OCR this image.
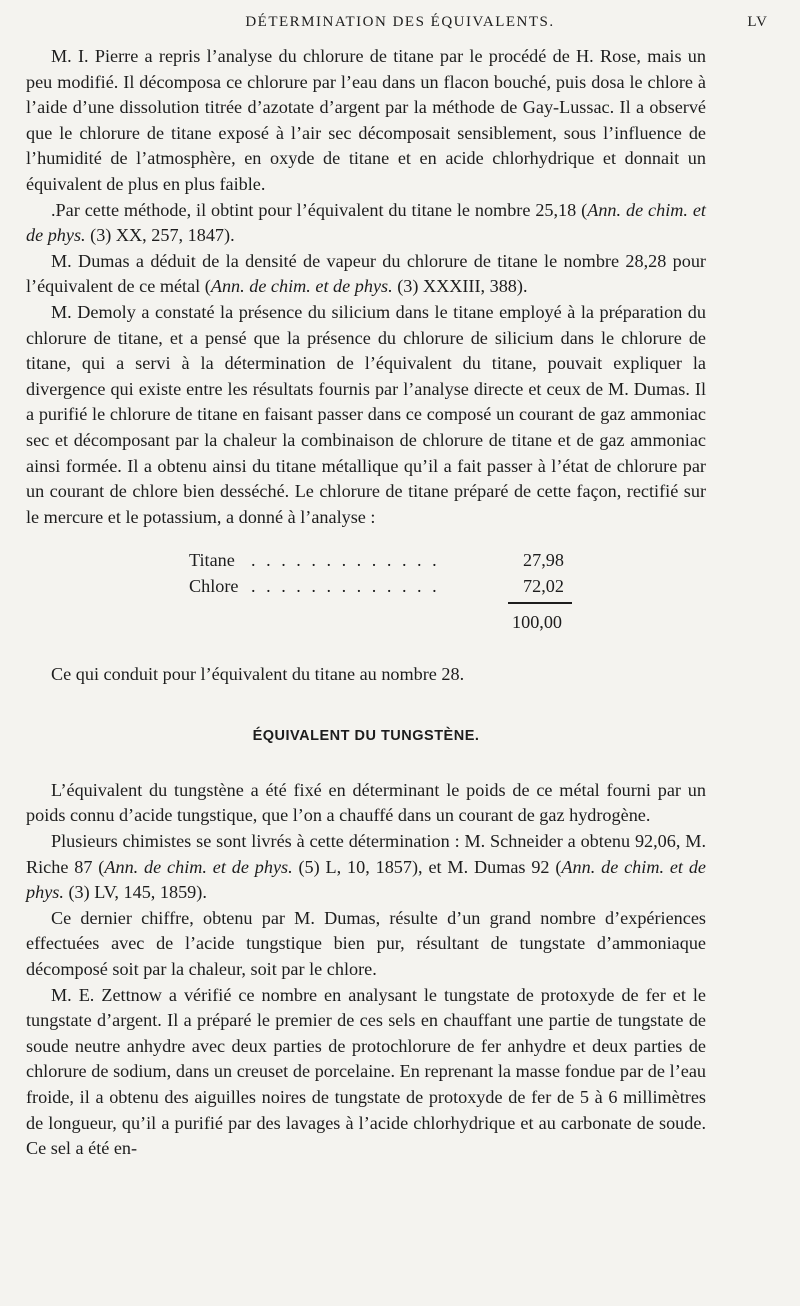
DÉTERMINATION DES ÉQUIVALENTS.	LV

M. I. Pierre a repris l’analyse du chlorure de titane par le procédé de H. Rose, mais un peu modifié. Il décomposa ce chlorure par l’eau dans un flacon bouché, puis dosa le chlore à l’aide d’une dissolution titrée d’azotate d’argent par la méthode de Gay-Lussac. Il a observé que le chlorure de titane exposé à l’air sec décomposait sensiblement, sous l’influence de l’humidité de l’atmosphère, en oxyde de titane et en acide chlorhydrique et donnait un équivalent de plus en plus faible.

.Par cette méthode, il obtint pour l’équivalent du titane le nombre 25,18 (Ann. de chim. et de phys. (3) XX, 257, 1847).

M. Dumas a déduit de la densité de vapeur du chlorure de titane le nombre 28,28 pour l’équivalent de ce métal (Ann. de chim. et de phys. (3) XXXIII, 388).

M. Demoly a constaté la présence du silicium dans le titane employé à la préparation du chlorure de titane, et a pensé que la présence du chlorure de silicium dans le chlorure de titane, qui a servi à la détermination de l’équivalent du titane, pouvait expliquer la divergence qui existe entre les résultats fournis par l’analyse directe et ceux de M. Dumas. Il a purifié le chlorure de titane en faisant passer dans ce composé un courant de gaz ammoniac sec et décomposant par la chaleur la combinaison de chlorure de titane et de gaz ammoniac ainsi formée. Il a obtenu ainsi du titane métallique qu’il a fait passer à l’état de chlorure par un courant de chlore bien desséché. Le chlorure de titane préparé de cette façon, rectifié sur le mercure et le potassium, a donné à l’analyse :

Titane . . . . . . . . . . . . .	27,98
Chlore . . . . . . . . . . . . .	72,02
100,00

Ce qui conduit pour l’équivalent du titane au nombre 28.

ÉQUIVALENT DU TUNGSTÈNE.

L’équivalent du tungstène a été fixé en déterminant le poids de ce métal fourni par un poids connu d’acide tungstique, que l’on a chauffé dans un courant de gaz hydrogène.

Plusieurs chimistes se sont livrés à cette détermination : M. Schneider a obtenu 92,06, M. Riche 87 (Ann. de chim. et de phys. (5) L, 10, 1857), et M. Dumas 92 (Ann. de chim. et de phys. (3) LV, 145, 1859).

Ce dernier chiffre, obtenu par M. Dumas, résulte d’un grand nombre d’expériences effectuées avec de l’acide tungstique bien pur, résultant de tungstate d’ammoniaque décomposé soit par la chaleur, soit par le chlore.

M. E. Zettnow a vérifié ce nombre en analysant le tungstate de protoxyde de fer et le tungstate d’argent. Il a préparé le premier de ces sels en chauffant une partie de tungstate de soude neutre anhydre avec deux parties de protochlorure de fer anhydre et deux parties de chlorure de sodium, dans un creuset de porcelaine. En reprenant la masse fondue par de l’eau froide, il a obtenu des aiguilles noires de tungstate de protoxyde de fer de 5 à 6 millimètres de longueur, qu’il a purifié par des lavages à l’acide chlorhydrique et au carbonate de soude. Ce sel a été en-
